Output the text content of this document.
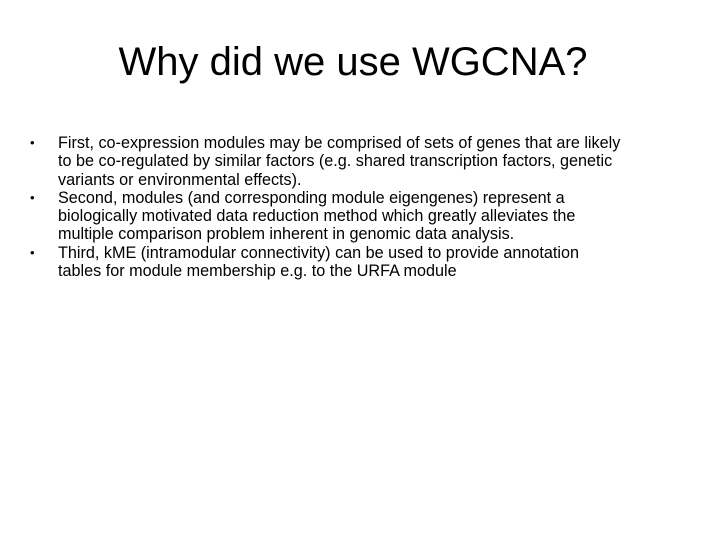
Why did we use WGCNA?
•	First, co-expression modules may be comprised of sets of genes that are likely
to be co-regulated by similar factors (e.g. shared transcription factors, genetic
variants or environmental effects).
•	Second, modules (and corresponding module eigengenes) represent a
biologically motivated data reduction method which greatly alleviates the
multiple comparison problem inherent in genomic data analysis.
•	Third, kME (intramodular connectivity) can be used to provide annotation
tables for module membership e.g. to the URFA module
